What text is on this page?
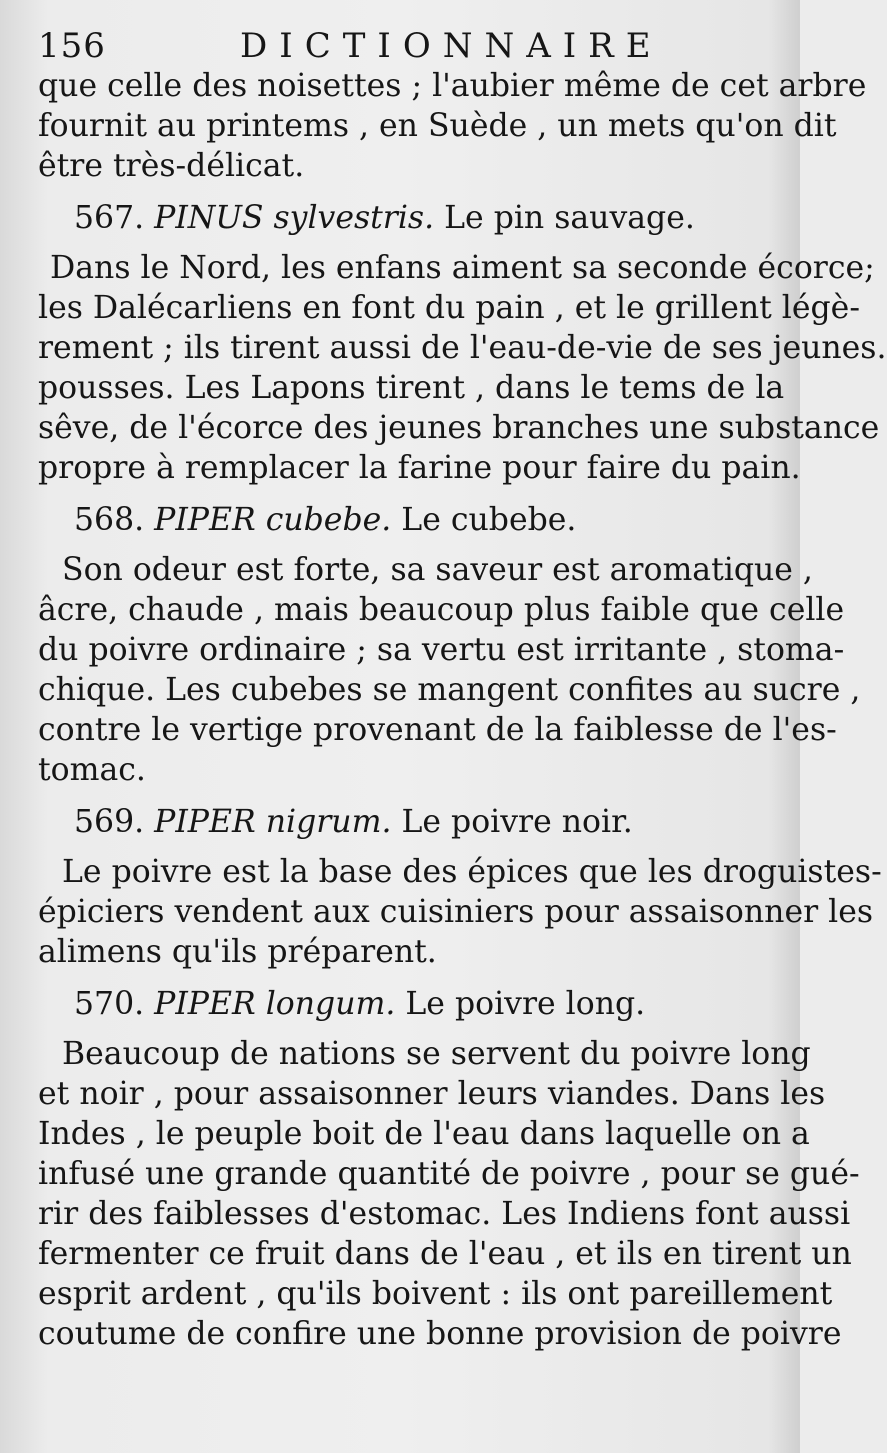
156	DICTIONNAIRE
que celle des noisettes ; l'aubier même de cet arbre
fournit au printems , en Suède , un mets qu'on dit
être très-délicat.
567. PINUS sylvestris. Le pin sauvage.
Dans le Nord, les enfans aiment sa seconde écorce;
les Dalécarliens en font du pain , et le grillent légè-
rement ; ils tirent aussi de l'eau-de-vie de ses jeunes.
pousses. Les Lapons tirent , dans le tems de la
sêve, de l'écorce des jeunes branches une substance
propre à remplacer la farine pour faire du pain.
568. PIPER cubebe. Le cubebe.
Son odeur est forte, sa saveur est aromatique ,
âcre, chaude , mais beaucoup plus faible que celle
du poivre ordinaire ; sa vertu est irritante , stoma-
chique. Les cubebes se mangent confites au sucre ,
contre le vertige provenant de la faiblesse de l'es-
tomac.
569. PIPER nigrum. Le poivre noir.
Le poivre est la base des épices que les droguistes-
épiciers vendent aux cuisiniers pour assaisonner les
alimens qu'ils préparent.
570. PIPER longum. Le poivre long.
Beaucoup de nations se servent du poivre long
et noir , pour assaisonner leurs viandes. Dans les
Indes , le peuple boit de l'eau dans laquelle on a
infusé une grande quantité de poivre , pour se gué-
rir des faiblesses d'estomac. Les Indiens font aussi
fermenter ce fruit dans de l'eau , et ils en tirent un
esprit ardent , qu'ils boivent : ils ont pareillement
coutume de confire une bonne provision de poivre
